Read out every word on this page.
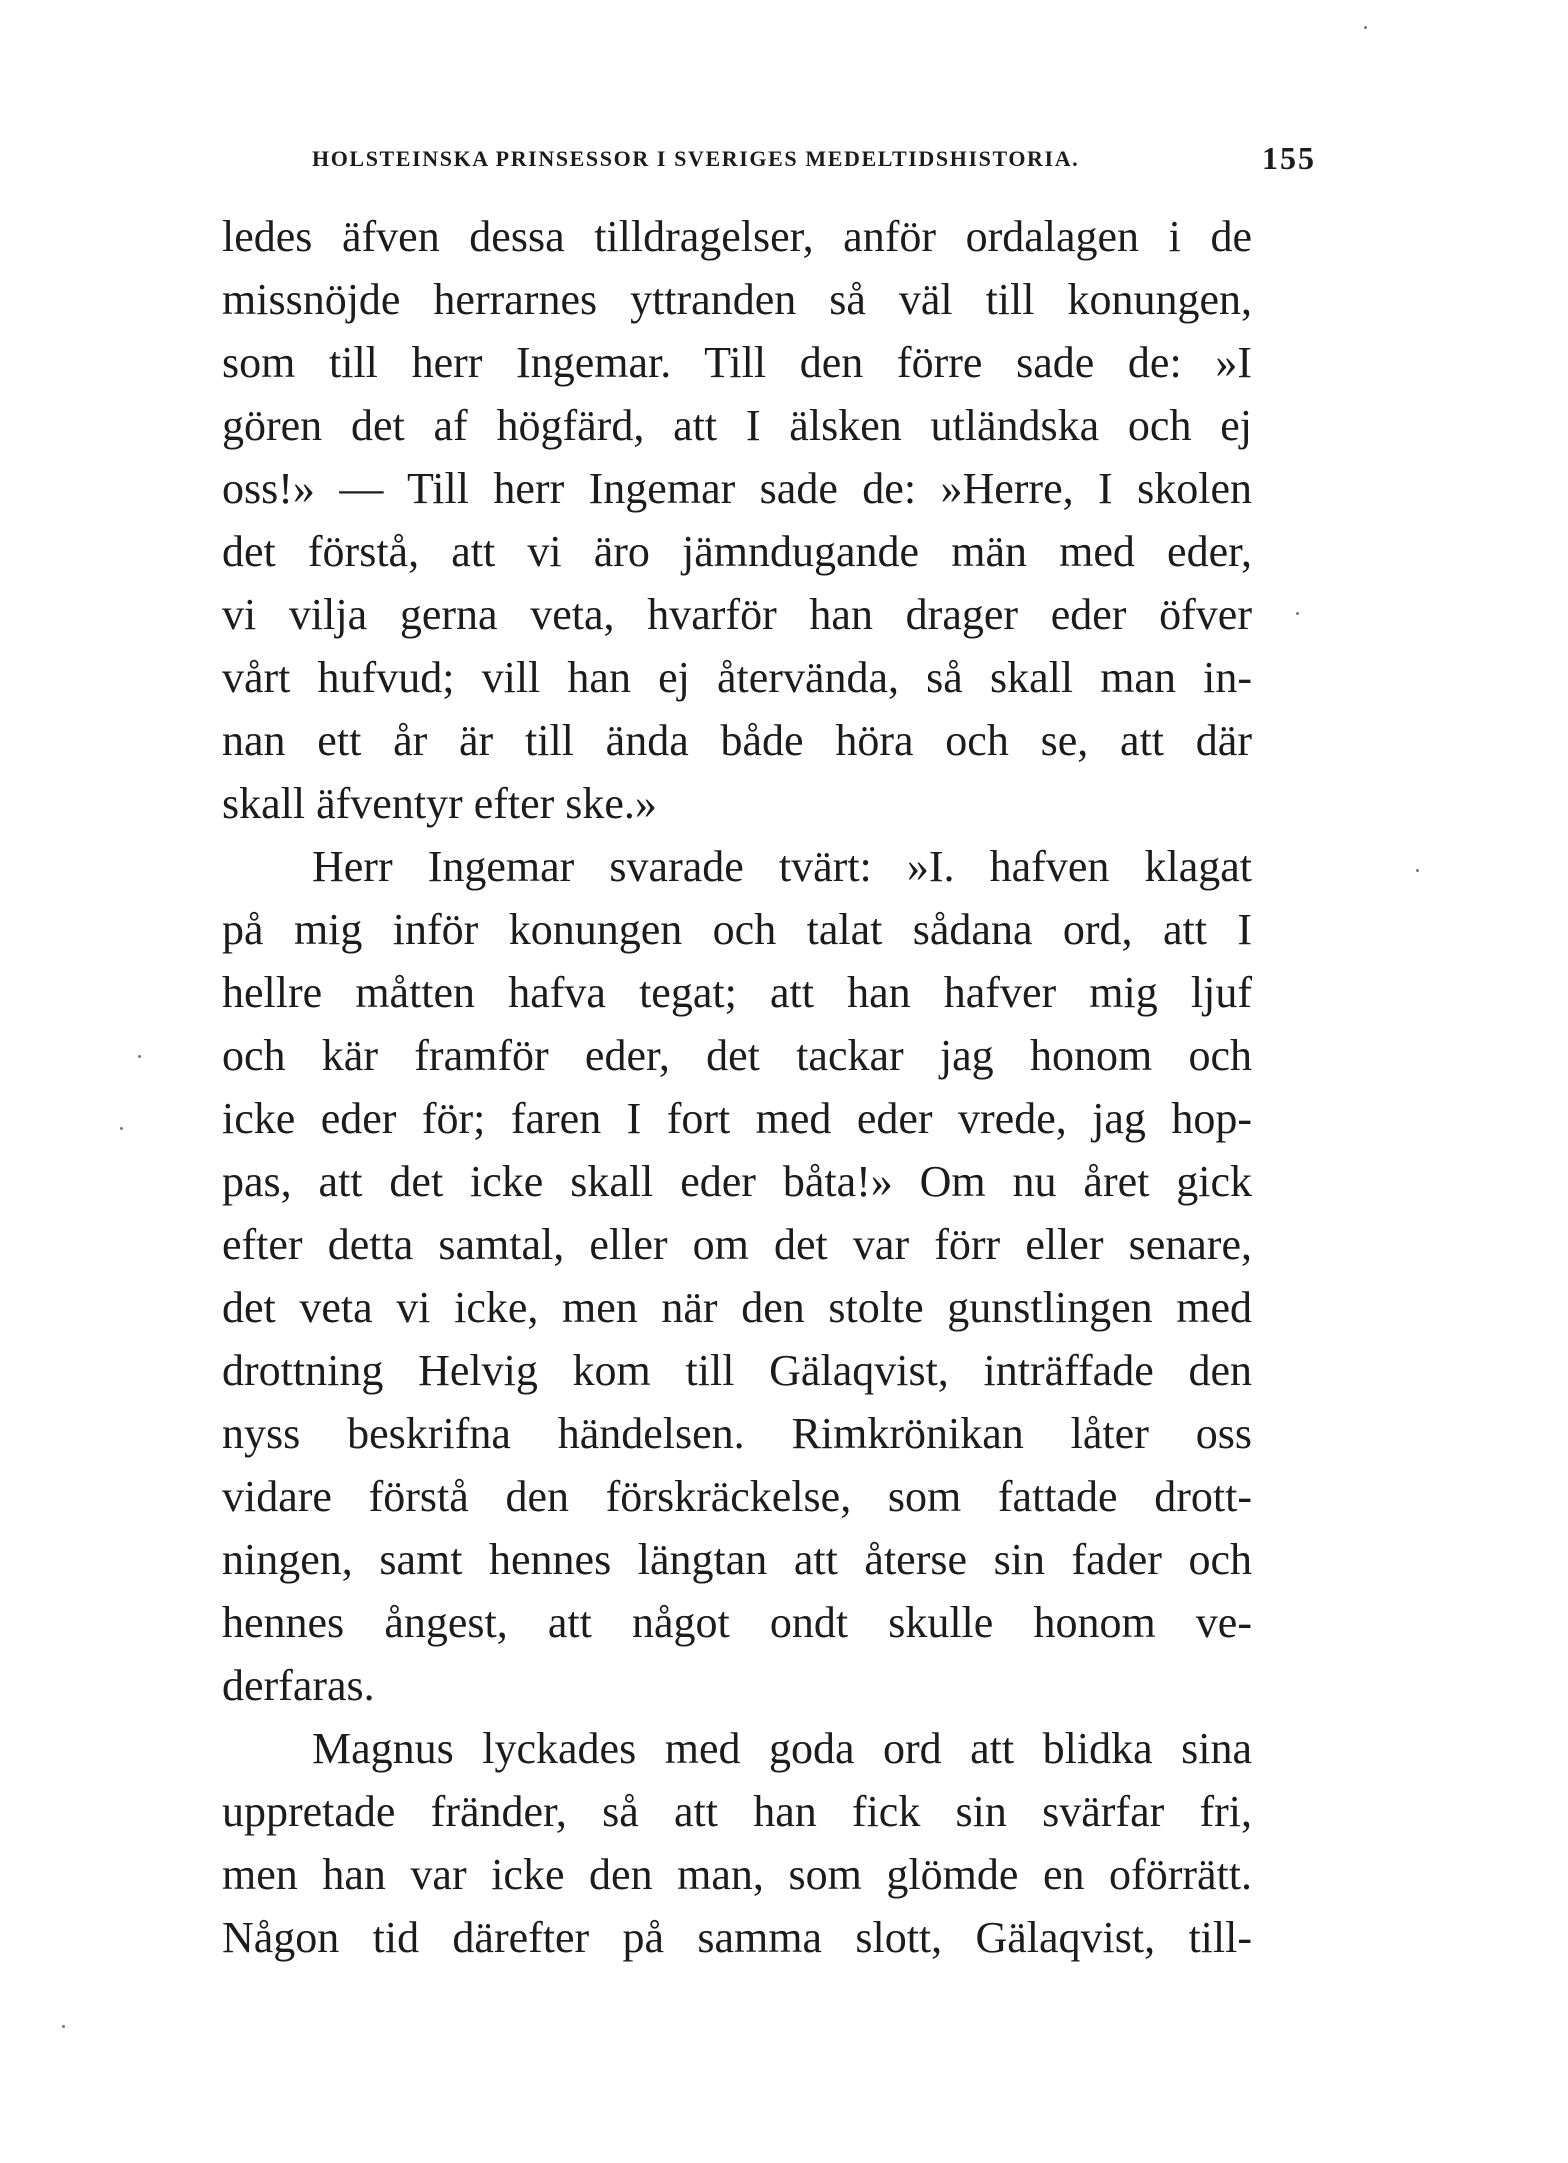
HOLSTEINSKA PRINSESSOR I SVERIGES MEDELTIDSHISTORIA.	155
ledes äfven dessa tilldragelser, anför ordalagen i de
missnöjde herrarnes yttranden så väl till konungen,
som till herr Ingemar. Till den förre sade de: »I
gören det af högfärd, att I älsken utländska och ej
oss!» — Till herr Ingemar sade de: »Herre, I skolen
det förstå, att vi äro jämndugande män med eder,
vi vilja gerna veta, hvarför han drager eder öfver
vårt hufvud; vill han ej återvända, så skall man in-
nan ett år är till ända både höra och se, att där
skall äfventyr efter ske.»
Herr Ingemar svarade tvärt: »I. hafven klagat
på mig inför konungen och talat sådana ord, att I
hellre måtten hafva tegat; att han hafver mig ljuf
och kär framför eder, det tackar jag honom och
icke eder för; faren I fort med eder vrede, jag hop-
pas, att det icke skall eder båta!» Om nu året gick
efter detta samtal, eller om det var förr eller senare,
det veta vi icke, men när den stolte gunstlingen med
drottning Helvig kom till Gälaqvist, inträffade den
nyss beskrifna händelsen. Rimkrönikan låter oss
vidare förstå den förskräckelse, som fattade drott-
ningen, samt hennes längtan att återse sin fader och
hennes ångest, att något ondt skulle honom ve-
derfaras.
Magnus lyckades med goda ord att blidka sina
uppretade fränder, så att han fick sin svärfar fri,
men han var icke den man, som glömde en oförrätt.
Någon tid därefter på samma slott, Gälaqvist, till-
